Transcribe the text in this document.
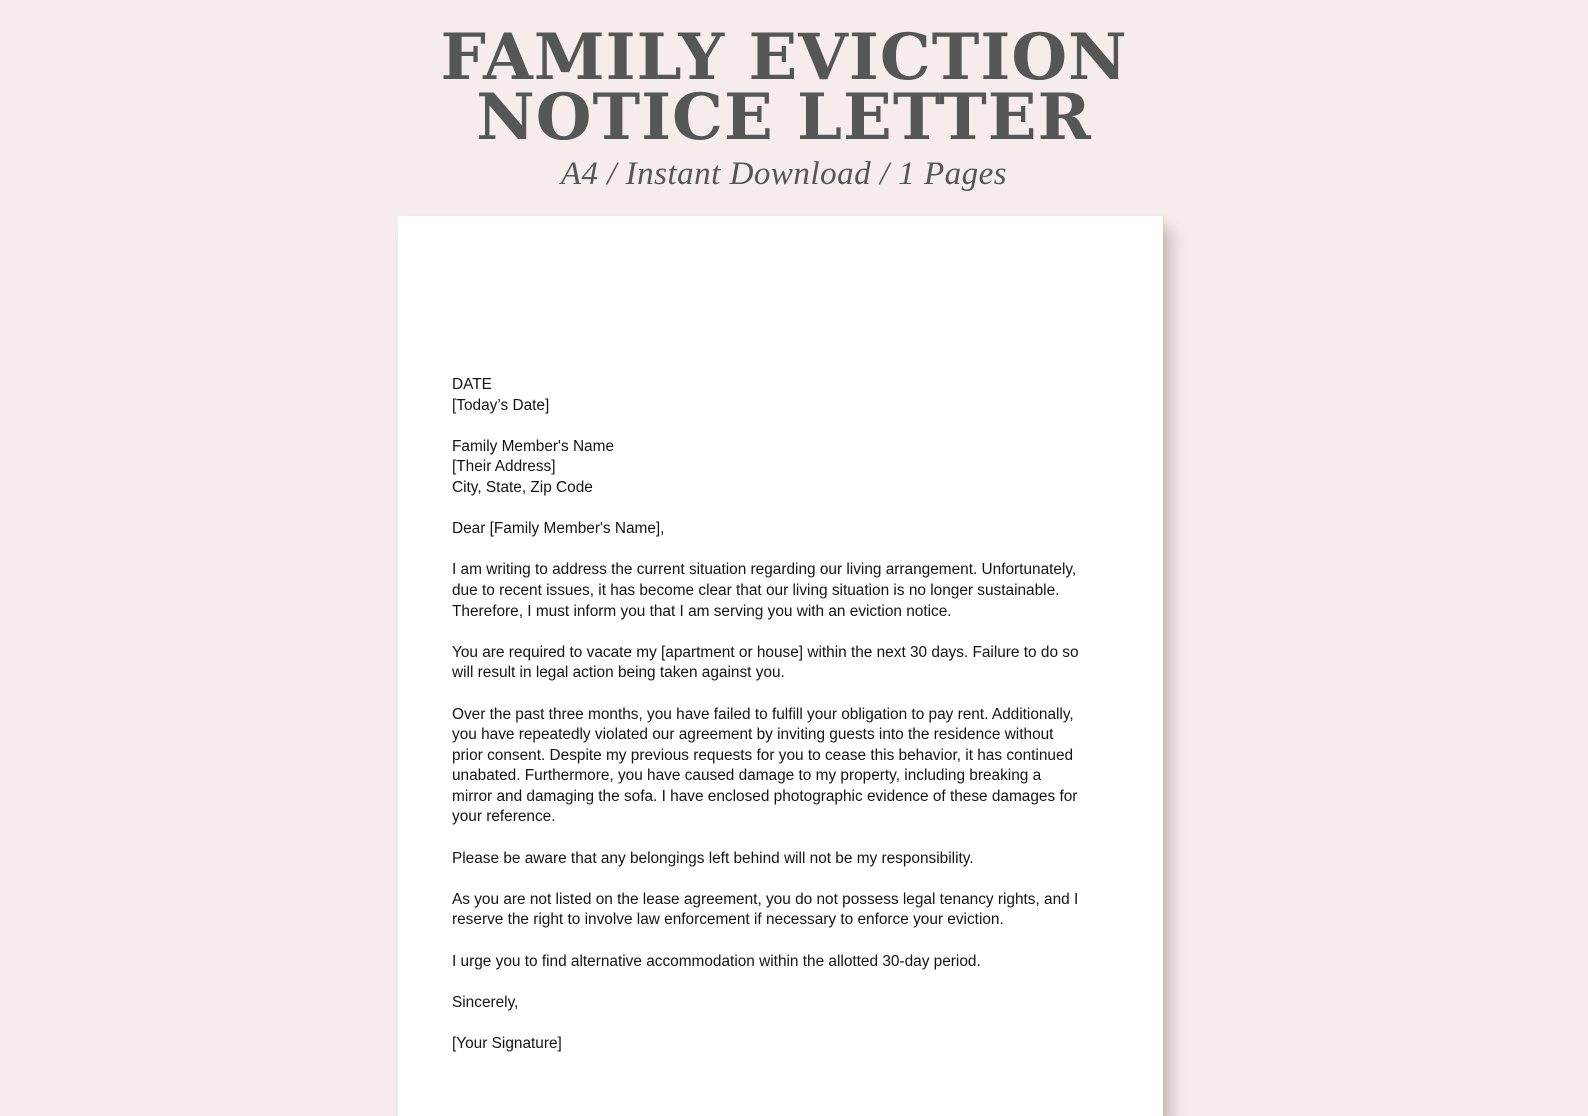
FAMILY EVICTION
NOTICE LETTER
A4 / Instant Download / 1 Pages
DATE
[Today’s Date]
Family Member's Name
[Their Address]
City, State, Zip Code
Dear [Family Member's Name],
I am writing to address the current situation regarding our living arrangement. Unfortunately,
due to recent issues, it has become clear that our living situation is no longer sustainable.
Therefore, I must inform you that I am serving you with an eviction notice.
You are required to vacate my [apartment or house] within the next 30 days. Failure to do so
will result in legal action being taken against you.
Over the past three months, you have failed to fulfill your obligation to pay rent. Additionally,
you have repeatedly violated our agreement by inviting guests into the residence without
prior consent. Despite my previous requests for you to cease this behavior, it has continued
unabated. Furthermore, you have caused damage to my property, including breaking a
mirror and damaging the sofa. I have enclosed photographic evidence of these damages for
your reference.
Please be aware that any belongings left behind will not be my responsibility.
As you are not listed on the lease agreement, you do not possess legal tenancy rights, and I
reserve the right to involve law enforcement if necessary to enforce your eviction.
I urge you to find alternative accommodation within the allotted 30-day period.
Sincerely,
[Your Signature]
